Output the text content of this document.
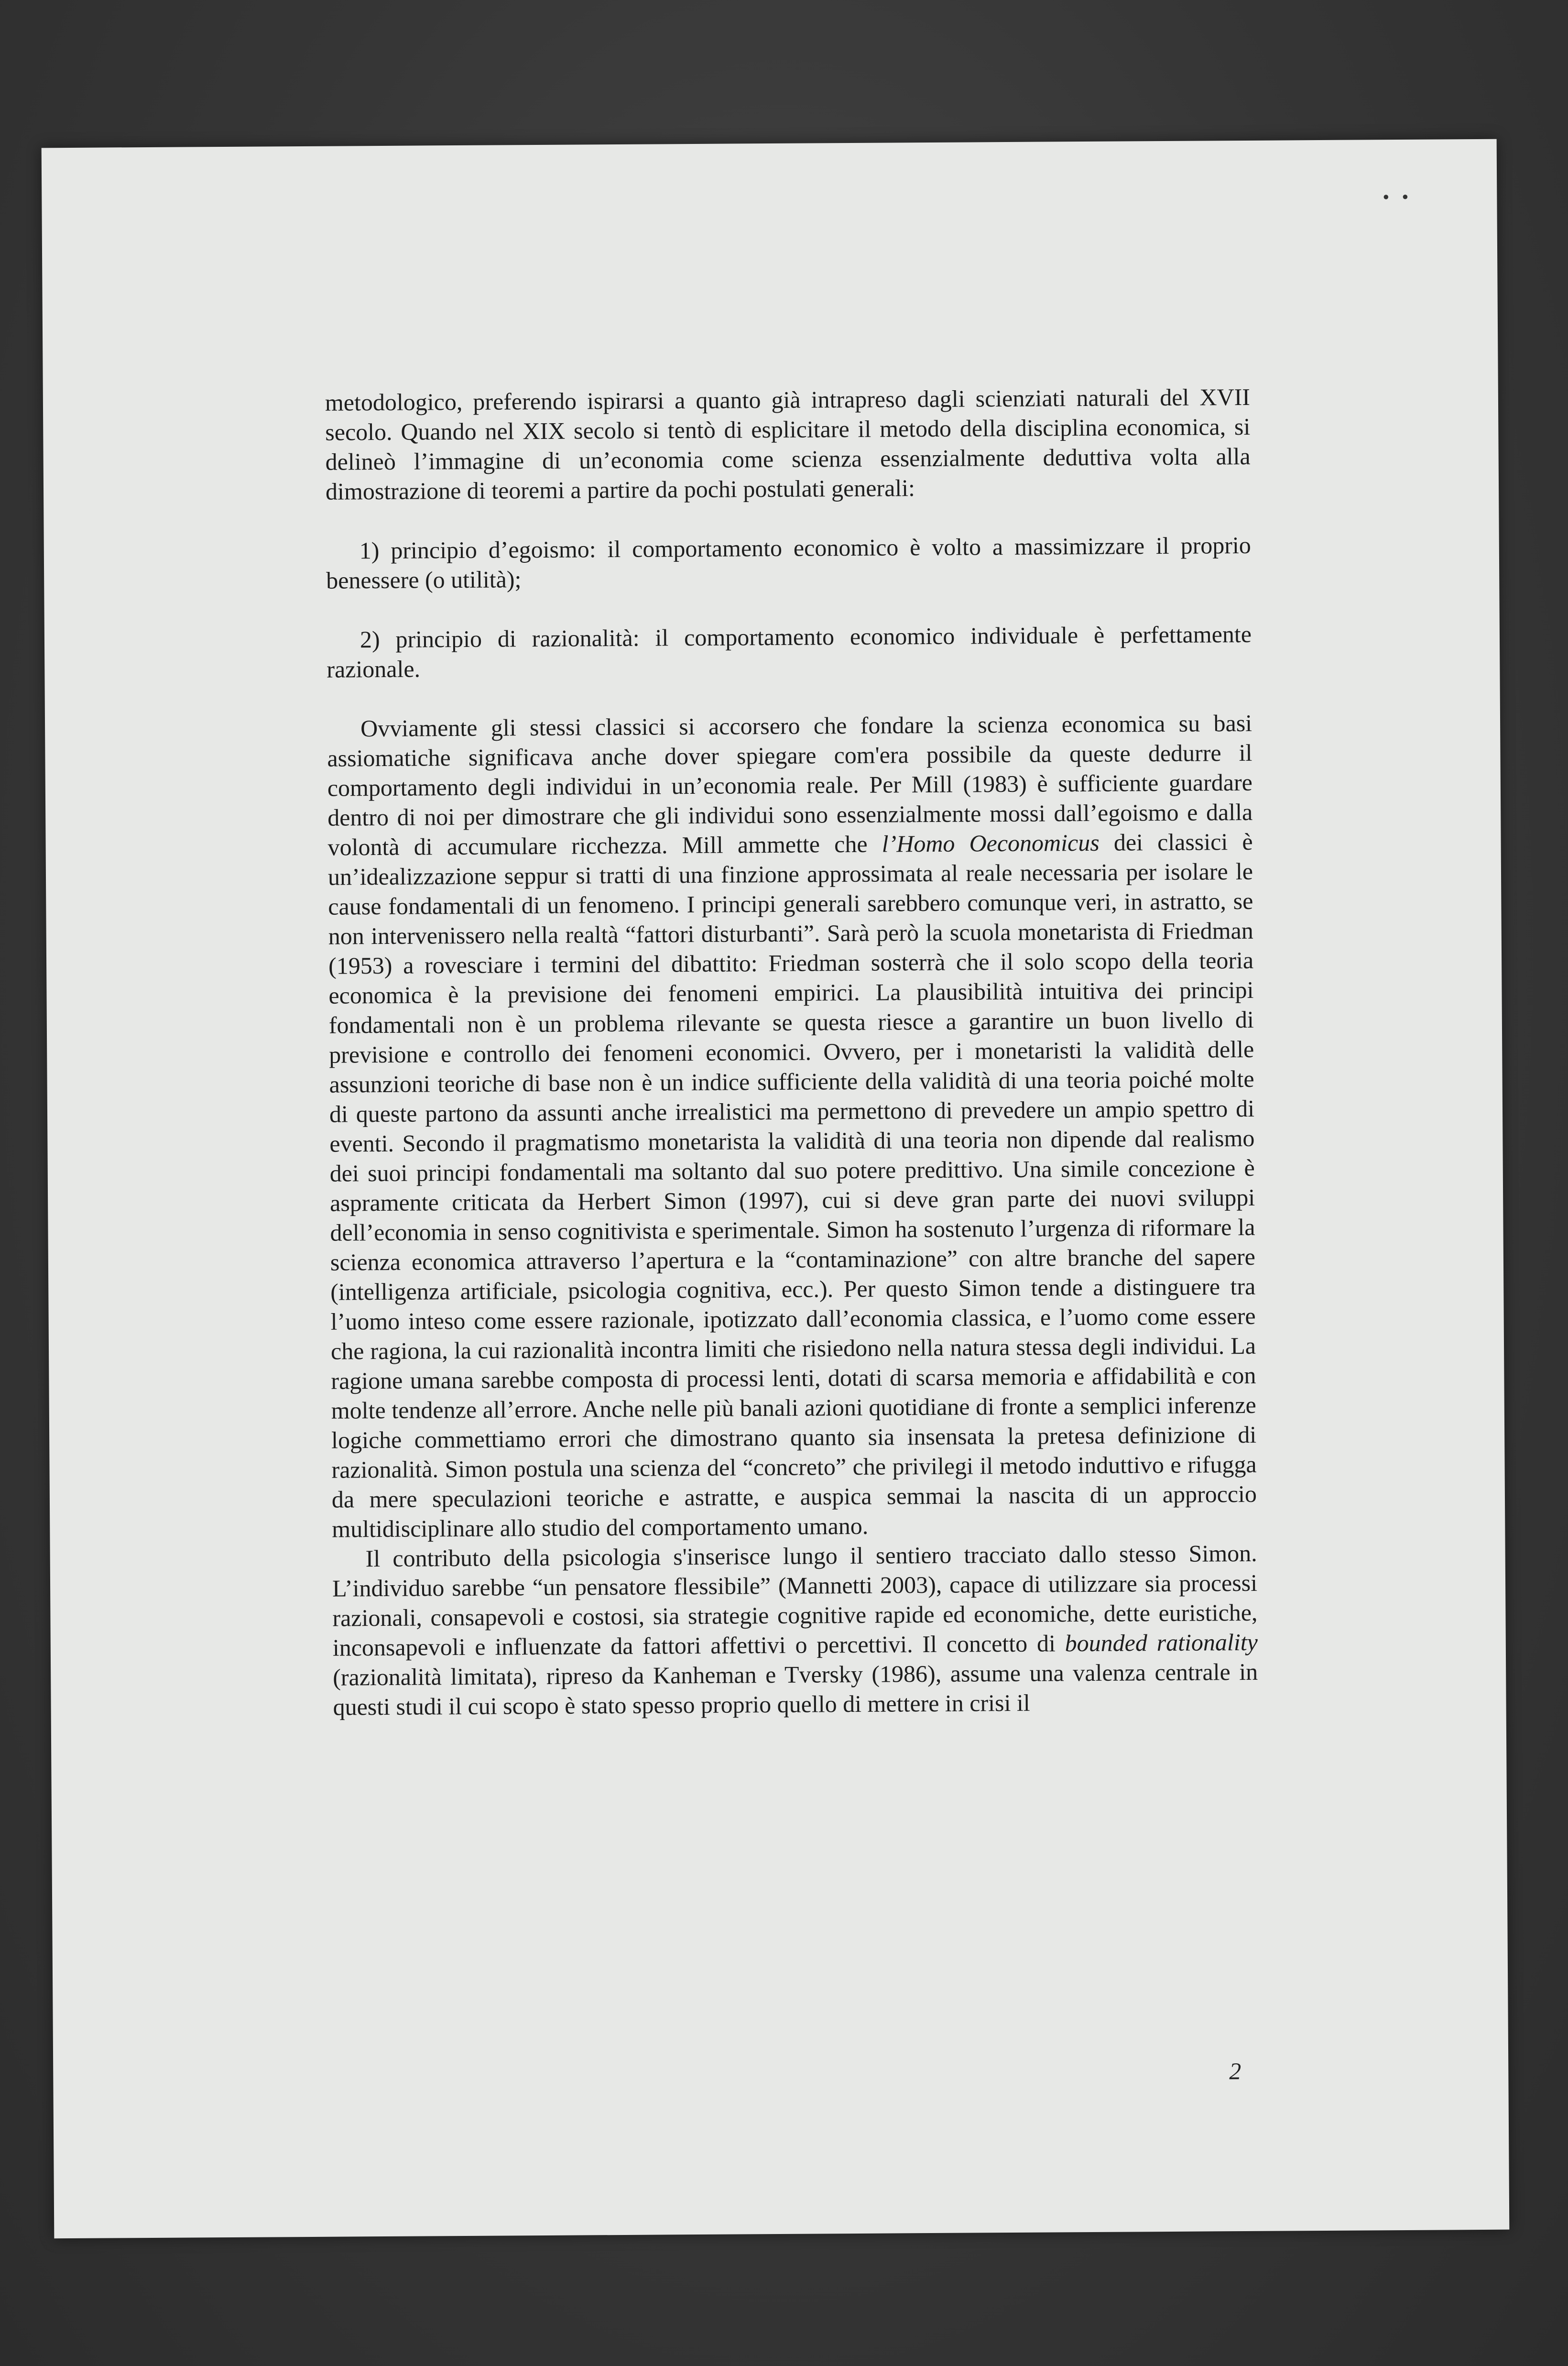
• •

metodologico, preferendo ispirarsi a quanto già intrapreso dagli scienziati naturali del XVII secolo. Quando nel XIX secolo si tentò di esplicitare il metodo della disciplina economica, si delineò l’immagine di un’economia come scienza essenzialmente deduttiva volta alla dimostrazione di teoremi a partire da pochi postulati generali:

1) principio d’egoismo: il comportamento economico è volto a massimizzare il proprio benessere (o utilità);

2) principio di razionalità: il comportamento economico individuale è perfettamente razionale.

Ovviamente gli stessi classici si accorsero che fondare la scienza economica su basi assiomatiche significava anche dover spiegare com'era possibile da queste dedurre il comportamento degli individui in un’economia reale. Per Mill (1983) è sufficiente guardare dentro di noi per dimostrare che gli individui sono essenzialmente mossi dall’egoismo e dalla volontà di accumulare ricchezza. Mill ammette che l’Homo Oeconomicus dei classici è un’idealizzazione seppur si tratti di una finzione approssimata al reale necessaria per isolare le cause fondamentali di un fenomeno. I principi generali sarebbero comunque veri, in astratto, se non intervenissero nella realtà “fattori disturbanti”. Sarà però la scuola monetarista di Friedman (1953) a rovesciare i termini del dibattito: Friedman sosterrà che il solo scopo della teoria economica è la previsione dei fenomeni empirici. La plausibilità intuitiva dei principi fondamentali non è un problema rilevante se questa riesce a garantire un buon livello di previsione e controllo dei fenomeni economici. Ovvero, per i monetaristi la validità delle assunzioni teoriche di base non è un indice sufficiente della validità di una teoria poiché molte di queste partono da assunti anche irrealistici ma permettono di prevedere un ampio spettro di eventi. Secondo il pragmatismo monetarista la validità di una teoria non dipende dal realismo dei suoi principi fondamentali ma soltanto dal suo potere predittivo. Una simile concezione è aspramente criticata da Herbert Simon (1997), cui si deve gran parte dei nuovi sviluppi dell’economia in senso cognitivista e sperimentale. Simon ha sostenuto l’urgenza di riformare la scienza economica attraverso l’apertura e la “contaminazione” con altre branche del sapere (intelligenza artificiale, psicologia cognitiva, ecc.). Per questo Simon tende a distinguere tra l’uomo inteso come essere razionale, ipotizzato dall’economia classica, e l’uomo come essere che ragiona, la cui razionalità incontra limiti che risiedono nella natura stessa degli individui. La ragione umana sarebbe composta di processi lenti, dotati di scarsa memoria e affidabilità e con molte tendenze all’errore. Anche nelle più banali azioni quotidiane di fronte a semplici inferenze logiche commettiamo errori che dimostrano quanto sia insensata la pretesa definizione di razionalità. Simon postula una scienza del “concreto” che privilegi il metodo induttivo e rifugga da mere speculazioni teoriche e astratte, e auspica semmai la nascita di un approccio multidisciplinare allo studio del comportamento umano.

Il contributo della psicologia s'inserisce lungo il sentiero tracciato dallo stesso Simon. L’individuo sarebbe “un pensatore flessibile” (Mannetti 2003), capace di utilizzare sia processi razionali, consapevoli e costosi, sia strategie cognitive rapide ed economiche, dette euristiche, inconsapevoli e influenzate da fattori affettivi o percettivi. Il concetto di bounded rationality (razionalità limitata), ripreso da Kanheman e Tversky (1986), assume una valenza centrale in questi studi il cui scopo è stato spesso proprio quello di mettere in crisi il

2
